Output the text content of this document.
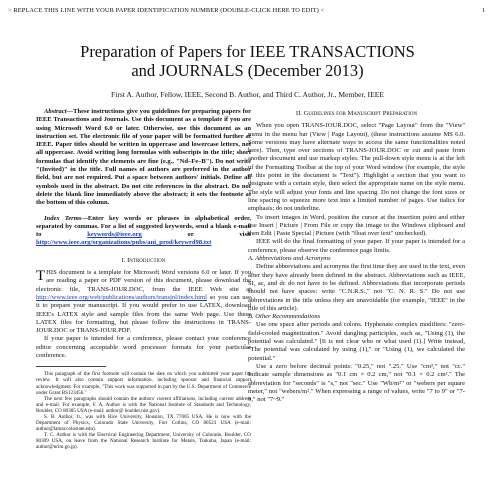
> REPLACE THIS LINE WITH YOUR PAPER IDENTIFICATION NUMBER (DOUBLE-CLICK HERE TO EDIT) <	1
Preparation of Papers for IEEE TRANSACTIONS
and JOURNALS (December 2013)
First A. Author, Fellow, IEEE, Second B. Author, and Third C. Author, Jr., Member, IEEE

Abstract—These instructions give you guidelines for preparing papers for IEEE Transactions and Journals. Use this document as a template if you are using Microsoft Word 6.0 or later. Otherwise, use this document as an instruction set. The electronic file of your paper will be formatted further at IEEE. Paper titles should be written in uppercase and lowercase letters, not all uppercase. Avoid writing long formulas with subscripts in the title; short formulas that identify the elements are fine (e.g., "Nd–Fe–B"). Do not write "(Invited)" in the title. Full names of authors are preferred in the author field, but are not required. Put a space between authors' initials. Define all symbols used in the abstract. Do not cite references in the abstract. Do not delete the blank line immediately above the abstract; it sets the footnote at the bottom of this column.

Index Terms—Enter key words or phrases in alphabetical order, separated by commas. For a list of suggested keywords, send a blank e-mail to keywords@ieee.org or visit http://www.ieee.org/organizations/pubs/ani_prod/keywrd98.txt

I. Introduction

THIS document is a template for Microsoft Word versions 6.0 or later. If you are reading a paper or PDF version of this document, please download the electronic file, TRANS-JOUR.DOC, from the IEEE Web site at http://www.ieee.org/web/publications/authors/transjnl/index.html so you can use it to prepare your manuscript. If you would prefer to use LATEX, download IEEE's LATEX style and sample files from the same Web page. Use these LATEX files for formatting, but please follow the instructions in TRANS-JOUR.DOC or TRANS-JOUR.PDF.

If your paper is intended for a conference, please contact your conference editor concerning acceptable word processor formats for your particular conference.

This paragraph of the first footnote will contain the date on which you submitted your paper for review. It will also contain support information, including sponsor and financial support acknowledgment. For example, "This work was supported in part by the U.S. Department of Commerce under Grant BS123456."

The next few paragraphs should contain the authors' current affiliations, including current address and e-mail. For example, F. A. Author is with the National Institute of Standards and Technology, Boulder, CO 80305 USA (e-mail: author@ boulder.nist.gov).

S. B. Author, Jr., was with Rice University, Houston, TX 77005 USA. He is now with the Department of Physics, Colorado State University, Fort Collins, CO 80523 USA (e-mail: author@lamar.colostate.edu).

T. C. Author is with the Electrical Engineering Department, University of Colorado, Boulder, CO 80309 USA, on leave from the National Research Institute for Metals, Tsukuba, Japan (e-mail: author@nrim.go.jp).

II. Guidelines for Manuscript Preparation

When you open TRANS-JOUR.DOC, select "Page Layout" from the "View" menu in the menu bar (View | Page Layout), (these instructions assume MS 6.0. Some versions may have alternate ways to access the same functionalities noted here). Then, type over sections of TRANS-JOUR.DOC or cut and paste from another document and use markup styles. The pull-down style menu is at the left of the Formatting Toolbar at the top of your Word window (for example, the style at this point in the document is "Text"). Highlight a section that you want to designate with a certain style, then select the appropriate name on the style menu. The style will adjust your fonts and line spacing. Do not change the font sizes or line spacing to squeeze more text into a limited number of pages. Use italics for emphasis; do not underline.

To insert images in Word, position the cursor at the insertion point and either use Insert | Picture | From File or copy the image to the Windows clipboard and then Edit | Paste Special | Picture (with "float over text" unchecked).

IEEE will do the final formatting of your paper. If your paper is intended for a conference, please observe the conference page limits.

A. Abbreviations and Acronyms

Define abbreviations and acronyms the first time they are used in the text, even after they have already been defined in the abstract. Abbreviations such as IEEE, SI, ac, and dc do not have to be defined. Abbreviations that incorporate periods should not have spaces: write "C.N.R.S.," not "C. N. R. S." Do not use abbreviations in the title unless they are unavoidable (for example, "IEEE" in the title of this article).

B. Other Recommendations

Use one space after periods and colons. Hyphenate complex modifiers: "zero-field-cooled magnetization." Avoid dangling participles, such as, "Using (1), the potential was calculated." [It is not clear who or what used (1).] Write instead, "The potential was calculated by using (1)," or "Using (1), we calculated the potential."

Use a zero before decimal points: "0.25," not ".25." Use "cm³," not "cc." Indicate sample dimensions as "0.1 cm × 0.2 cm," not "0.1 × 0.2 cm²." The abbreviation for "seconds" is "s," not "sec." Use "Wb/m²" or "webers per square meter," not "webers/m²." When expressing a range of values, write "7 to 9" or "7-9," not "7~9."
